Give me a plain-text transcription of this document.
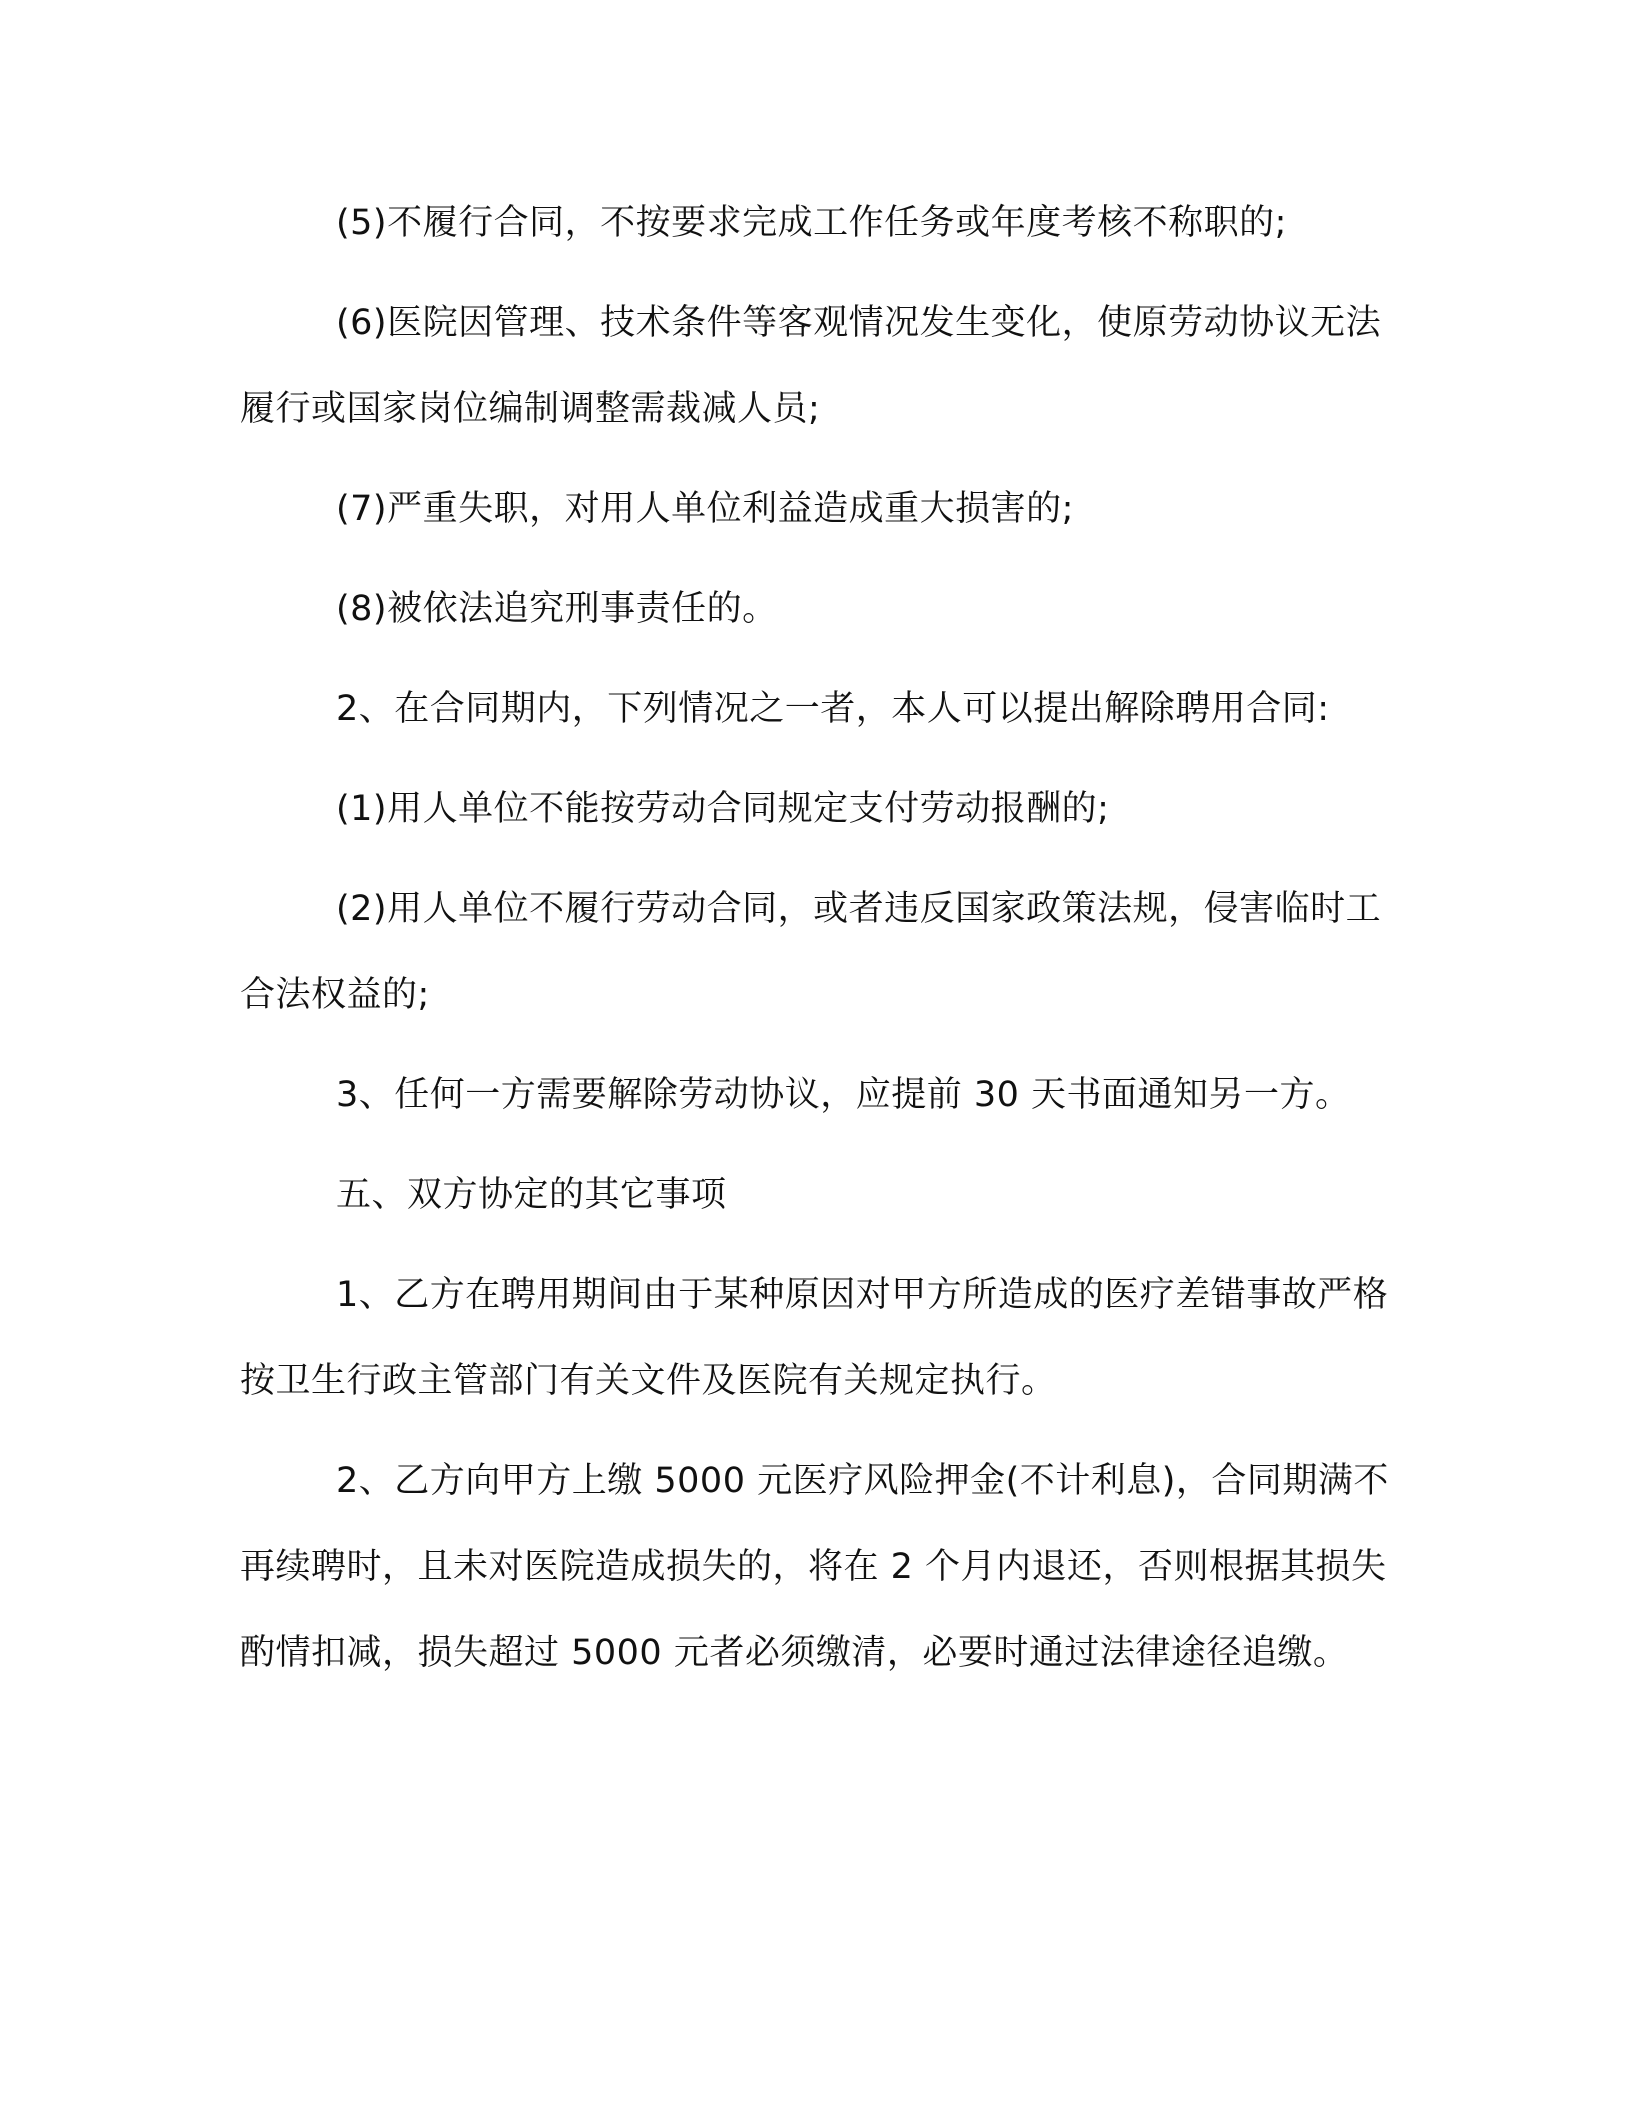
(5)不履行合同，不按要求完成工作任务或年度考核不称职的;

(6)医院因管理、技术条件等客观情况发生变化，使原劳动协议无法履行或国家岗位编制调整需裁减人员;

(7)严重失职，对用人单位利益造成重大损害的;

(8)被依法追究刑事责任的。

2、在合同期内，下列情况之一者，本人可以提出解除聘用合同:

(1)用人单位不能按劳动合同规定支付劳动报酬的;

(2)用人单位不履行劳动合同，或者违反国家政策法规，侵害临时工合法权益的;

3、任何一方需要解除劳动协议，应提前 30 天书面通知另一方。

五、双方协定的其它事项

1、乙方在聘用期间由于某种原因对甲方所造成的医疗差错事故严格按卫生行政主管部门有关文件及医院有关规定执行。

2、乙方向甲方上缴 5000 元医疗风险押金(不计利息)，合同期满不再续聘时，且未对医院造成损失的，将在 2 个月内退还，否则根据其损失酌情扣减，损失超过 5000 元者必须缴清，必要时通过法律途径追缴。
